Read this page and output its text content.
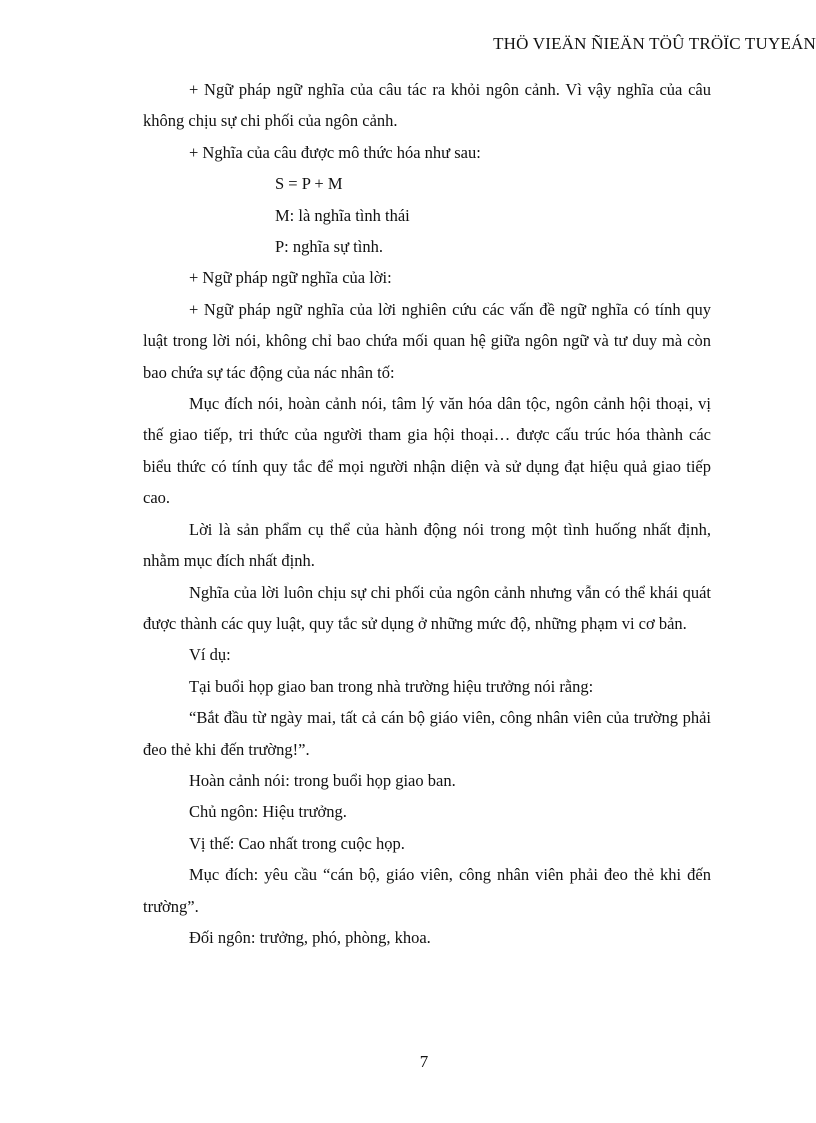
THÖ VIEÄN ÑIEÄN TÖÛ TRÖÏC TUYEÁN

+ Ngữ pháp ngữ nghĩa của câu tác ra khỏi ngôn cảnh. Vì vậy nghĩa của câu không chịu sự chi phối của ngôn cảnh.

+ Nghĩa của câu được mô thức hóa như sau:

S = P + M

M: là nghĩa tình thái

P: nghĩa sự tình.

+ Ngữ pháp ngữ nghĩa của lời:

+ Ngữ pháp ngữ nghĩa của lời nghiên cứu các vấn đề ngữ nghĩa có tính quy luật trong lời nói, không chỉ bao chứa mối quan hệ giữa ngôn ngữ và tư duy mà còn bao chứa sự tác động của nác nhân tố:

Mục đích nói, hoàn cảnh nói, tâm lý văn hóa dân tộc, ngôn cảnh hội thoại, vị thế giao tiếp, tri thức của người tham gia hội thoại… được cấu trúc hóa thành các biểu thức có tính quy tắc để mọi người nhận diện và sử dụng đạt hiệu quả giao tiếp cao.

Lời là sản phẩm cụ thể của hành động nói trong một tình huống nhất định, nhằm mục đích nhất định.

Nghĩa của lời luôn chịu sự chi phối của ngôn cảnh nhưng vẫn có thể khái quát được thành các quy luật, quy tắc sử dụng ở những mức độ, những phạm vi cơ bản.

Ví dụ:

Tại buổi họp giao ban trong nhà trường hiệu trưởng nói rằng:

“Bắt đầu từ ngày mai, tất cả cán bộ giáo viên, công nhân viên của trường phải đeo thẻ khi đến trường!”.

Hoàn cảnh nói: trong buổi họp giao ban.

Chủ ngôn: Hiệu trưởng.

Vị thế: Cao nhất trong cuộc họp.

Mục đích: yêu cầu “cán bộ, giáo viên, công nhân viên phải đeo thẻ khi đến trường”.

Đối ngôn: trưởng, phó, phòng, khoa.

7
